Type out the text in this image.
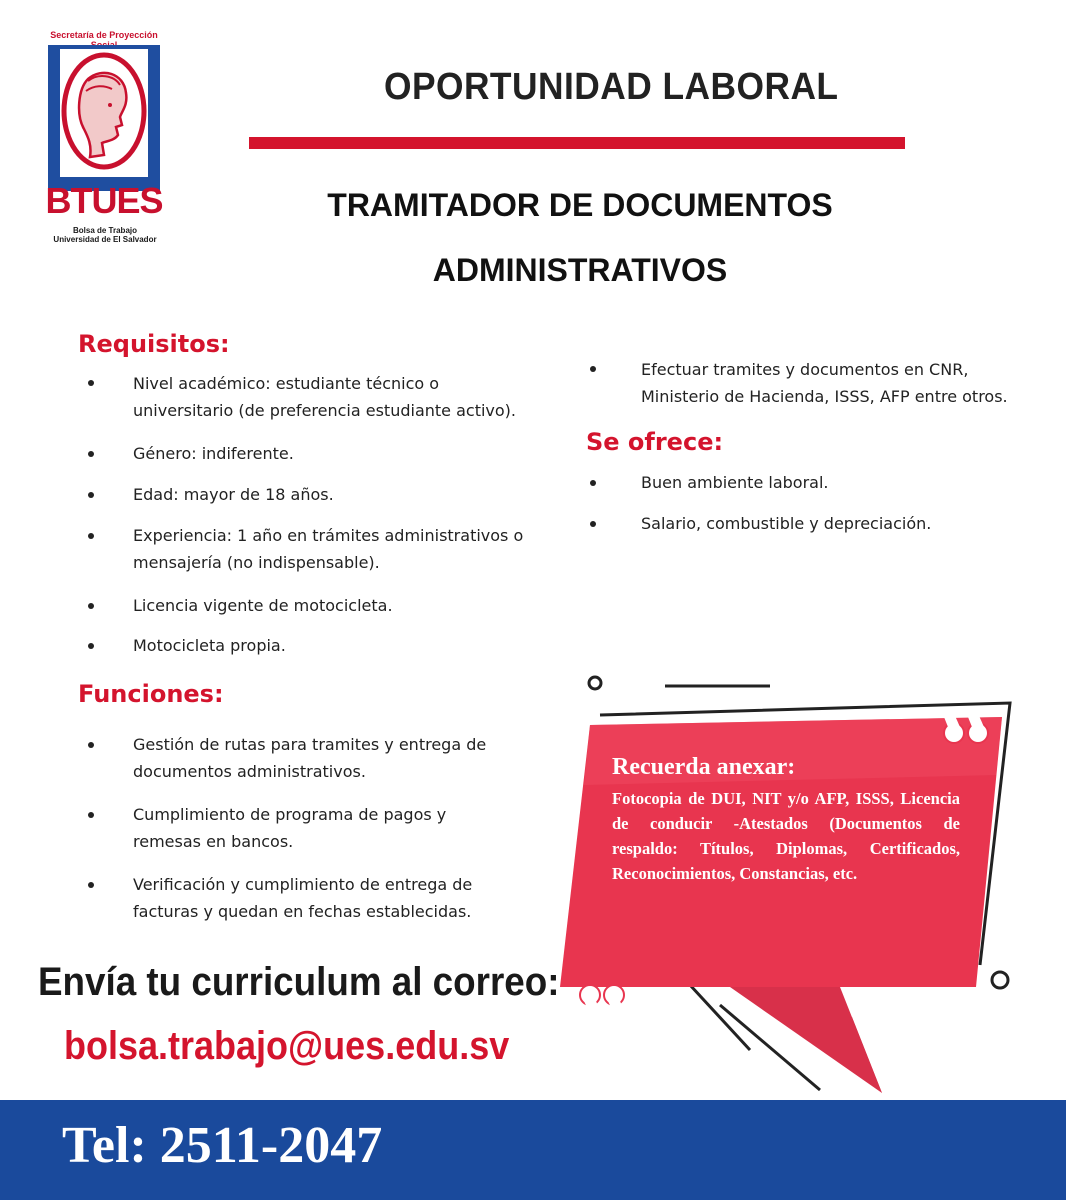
Secretaría de Proyección
BTUES
Bolsa de Trabajo
Universidad de El Salvador
OPORTUNIDAD LABORAL
TRAMITADOR DE DOCUMENTOS
ADMINISTRATIVOS
Requisitos:
Nivel académico: estudiante técnico o universitario (de preferencia estudiante activo).
Género: indiferente.
Edad: mayor de 18 años.
Experiencia: 1 año en trámites administrativos o mensajería (no indispensable).
Licencia vigente de motocicleta.
Motocicleta propia.
Funciones:
Gestión de rutas para tramites y entrega de documentos administrativos.
Cumplimiento de programa de pagos y remesas en bancos.
Verificación y cumplimiento de entrega de facturas y quedan en fechas establecidas.
Efectuar tramites y documentos en CNR, Ministerio de Hacienda, ISSS, AFP entre otros.
Se ofrece:
Buen ambiente laboral.
Salario, combustible y depreciación.
Recuerda anexar:
Fotocopia de DUI, NIT y/o AFP, ISSS, Licencia de conducir -Atestados (Documentos de respaldo: Títulos, Diplomas, Certificados, Reconocimientos, Constancias, etc.
Envía tu curriculum al correo:
bolsa.trabajo@ues.edu.sv
Tel: 2511-2047
